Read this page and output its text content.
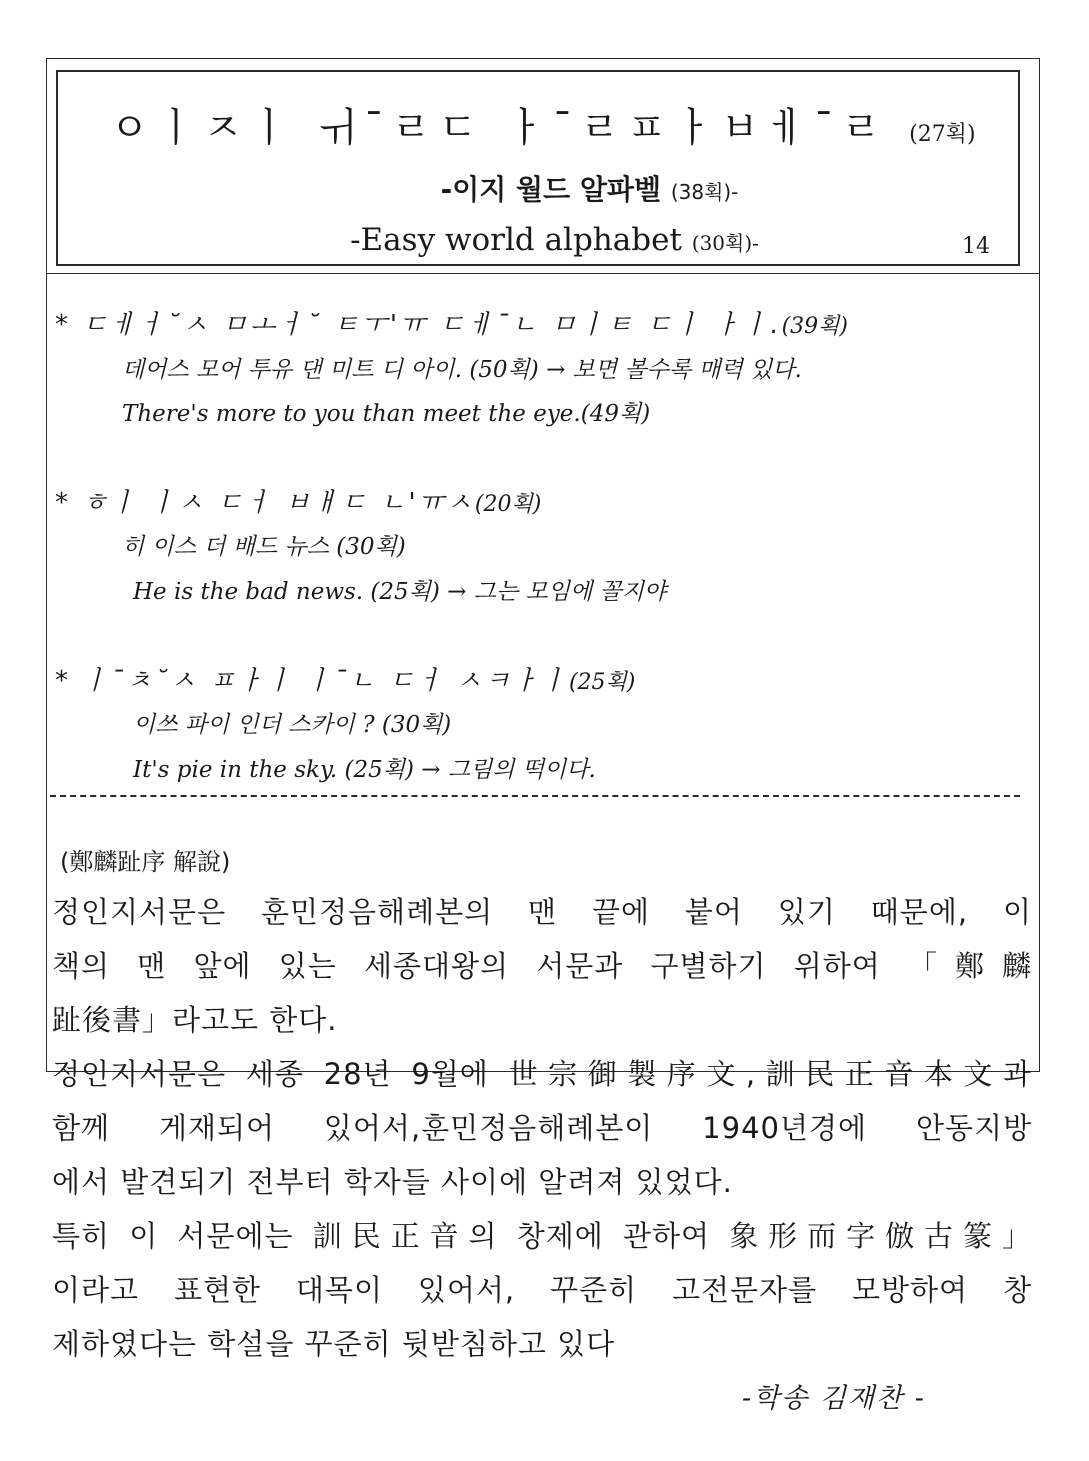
ㅇㅣㅈㅣ ㅟ¯ㄹㄷ ㅏ¯ㄹㅍㅏㅂㅔ¯ㄹ (27획)
-이지 월드 알파벨 (38획)-
-Easy world alphabet (30획)-	14
* ㄷㅔㅓ˘ㅅ ㅁㅗㅓ˘ ㅌㅜ'ㅠ ㄷㅔ¯ㄴ ㅁㅣㅌ ㄷㅣ ㅏㅣ.(39획)
데어스 모어 투유 댄 미트 디 아이. (50획) → 보면 볼수록 매력 있다.
There's more to you than meet the eye.(49획)
* ㅎㅣ ㅣㅅ ㄷㅓ ㅂㅐㄷ ㄴ'ㅠㅅ(20획)
히 이스 더 배드 뉴스 (30획)
He is the bad news. (25획) → 그는 모임에 꼴지야
* ㅣ¯ㅊ˘ㅅ ㅍㅏㅣ ㅣ¯ㄴ ㄷㅓ ㅅㅋㅏㅣ(25획)
이쓰 파이 인더 스카이 ? (30획)
It's pie in the sky. (25획) → 그림의 떡이다.
(鄭麟趾序 解說)
정인지서문은 훈민정음해례본의 맨 끝에 붙어 있기 때문에, 이
책의 맨 앞에 있는 세종대왕의 서문과 구별하기 위하여 「鄭麟
趾後書」라고도 한다.
정인지서문은 세종 28년 9월에 世宗御製序文,訓民正音本文과
함께 게재되어 있어서,훈민정음해례본이 1940년경에 안동지방
에서 발견되기 전부터 학자들 사이에 알려져 있었다.
특히 이 서문에는 訓民正音의 창제에 관하여 象形而字倣古篆」
이라고 표현한 대목이 있어서, 꾸준히 고전문자를 모방하여 창
제하였다는 학설을 꾸준히 뒷받침하고 있다
-학송 김재찬 -
